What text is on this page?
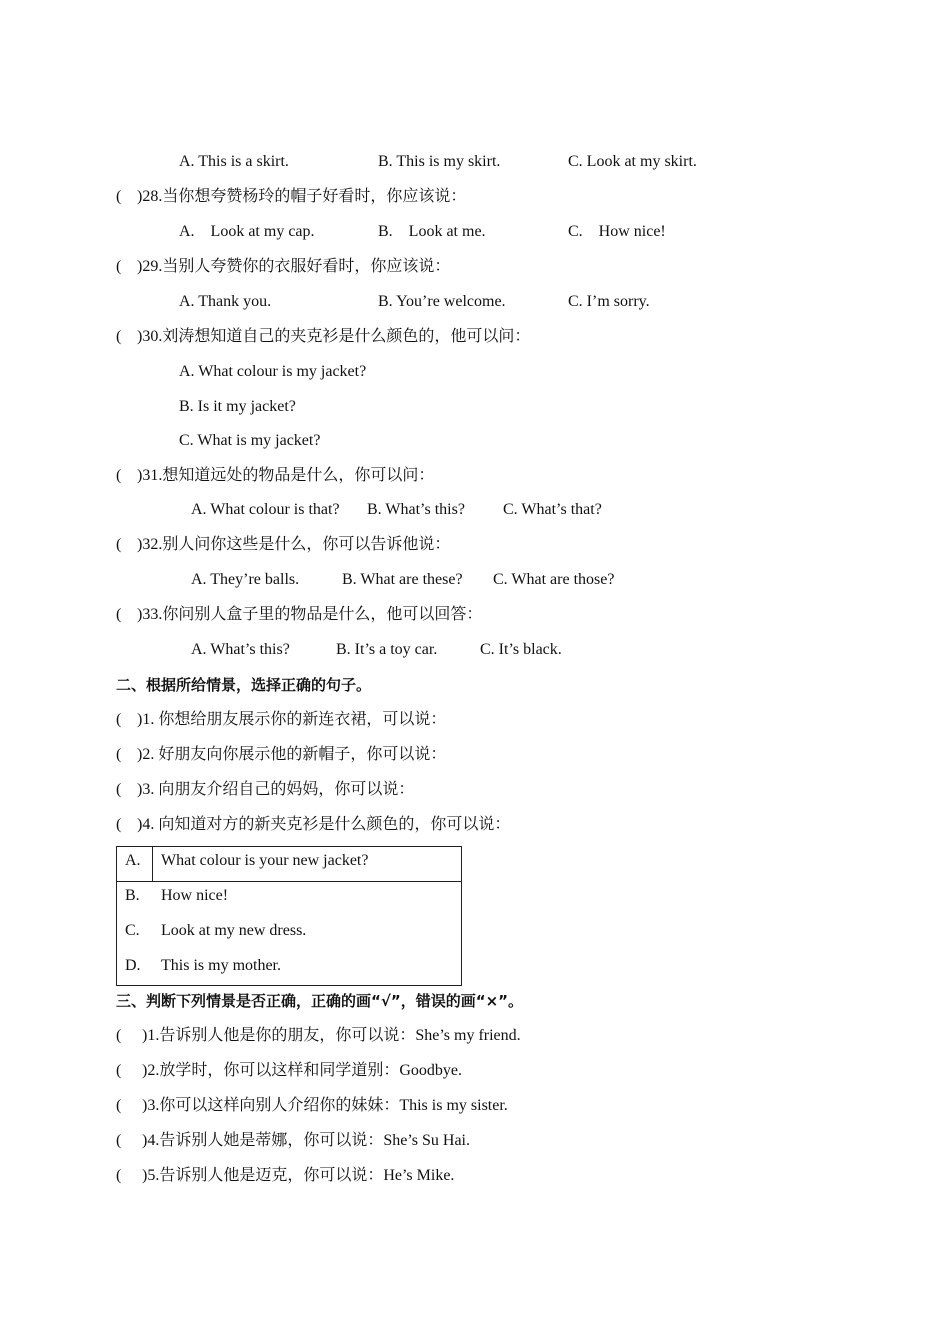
A. This is a skirt.	B. This is my skirt.	C. Look at my skirt.
( )28.当你想夸赞杨玲的帽子好看时，你应该说：
A.    Look at my cap.	B.    Look at me.	C.    How nice!
( )29.当别人夸赞你的衣服好看时，你应该说：
A. Thank you.	B. You’re welcome.	C. I’m sorry.
( )30.刘涛想知道自己的夹克衫是什么颜色的，他可以问：
A. What colour is my jacket?
B. Is it my jacket?
C. What is my jacket?
( )31.想知道远处的物品是什么，你可以问：
A. What colour is that? B. What’s this? C. What’s that?
( )32.别人问你这些是什么，你可以告诉他说：
A. They’re balls.	B. What are these? C. What are those?
( )33.你问别人盒子里的物品是什么，他可以回答：
A. What’s this?	B. It’s a toy car.	C. It’s black.
二、根据所给情景，选择正确的句子。
( )1. 你想给朋友展示你的新连衣裙，可以说：
( )2. 好朋友向你展示他的新帽子，你可以说：
( )3. 向朋友介绍自己的妈妈，你可以说：
( )4. 向知道对方的新夹克衫是什么颜色的，你可以说：
A. What colour is your new jacket?
B. How nice!
C. Look at my new dress.
D. This is my mother.
三、判断下列情景是否正确，正确的画“√”，错误的画“×”。
( )1.告诉别人他是你的朋友，你可以说：She’s my friend.
( )2.放学时，你可以这样和同学道别：Goodbye.
( )3.你可以这样向别人介绍你的妹妹：This is my sister.
( )4.告诉别人她是蒂娜，你可以说：She’s Su Hai.
( )5.告诉别人他是迈克，你可以说：He’s Mike.
